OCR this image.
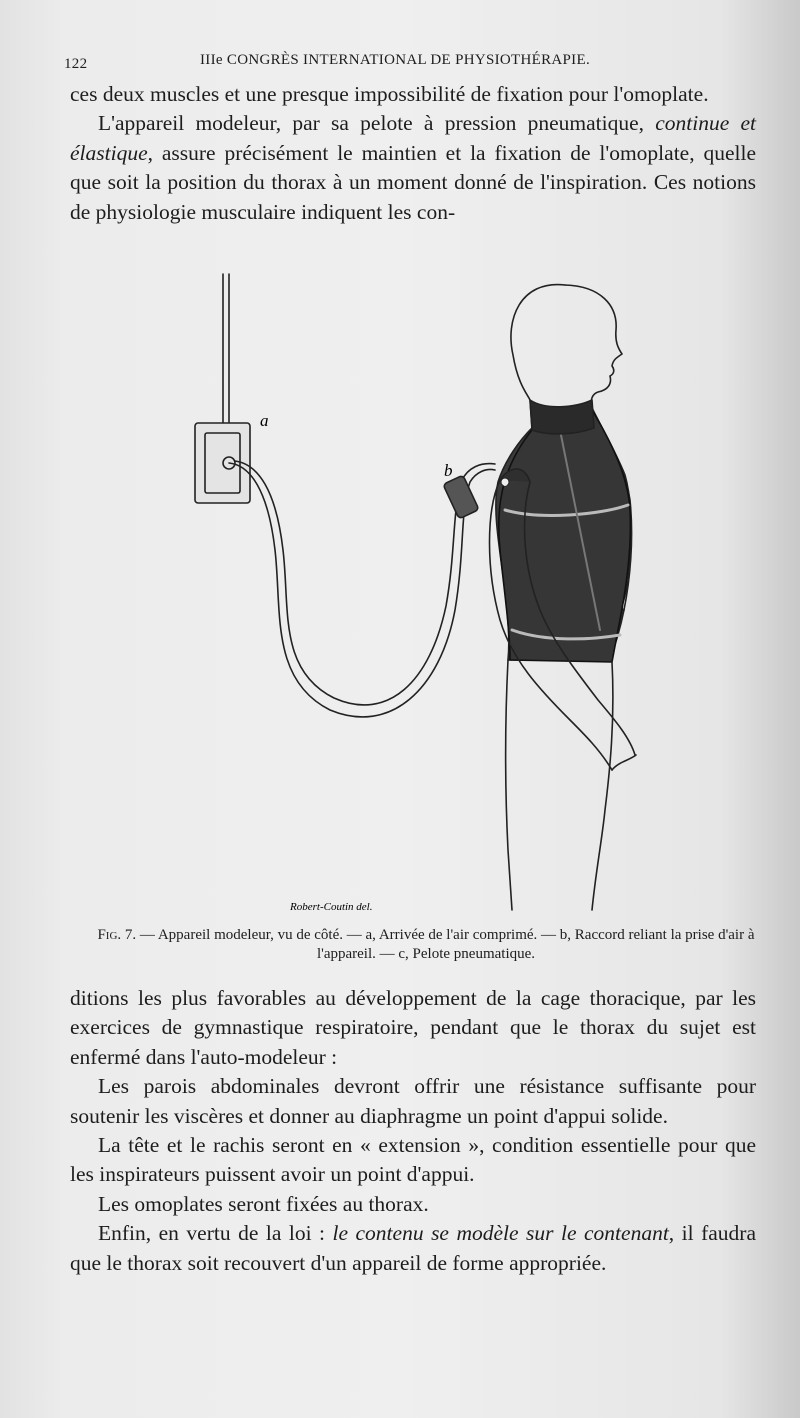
122	IIIe CONGRÈS INTERNATIONAL DE PHYSIOTHÉRAPIE.

ces deux muscles et une presque impossibilité de fixation pour l'omoplate.

L'appareil modeleur, par sa pelote à pression pneumatique, continue et élastique, assure précisément le maintien et la fixation de l'omoplate, quelle que soit la position du thorax à un moment donné de l'inspiration. Ces notions de physiologie musculaire indiquent les con-

a
b
c
Robert-Coutin del.
Fig. 7. — Appareil modeleur, vu de côté. — a, Arrivée de l'air comprimé. — b, Raccord reliant la prise d'air à l'appareil. — c, Pelote pneumatique.

ditions les plus favorables au développement de la cage thoracique, par les exercices de gymnastique respiratoire, pendant que le thorax du sujet est enfermé dans l'auto-modeleur :

Les parois abdominales devront offrir une résistance suffisante pour soutenir les viscères et donner au diaphragme un point d'appui solide.

La tête et le rachis seront en « extension », condition essentielle pour que les inspirateurs puissent avoir un point d'appui.

Les omoplates seront fixées au thorax.

Enfin, en vertu de la loi : le contenu se modèle sur le contenant, il faudra que le thorax soit recouvert d'un appareil de forme appropriée.
